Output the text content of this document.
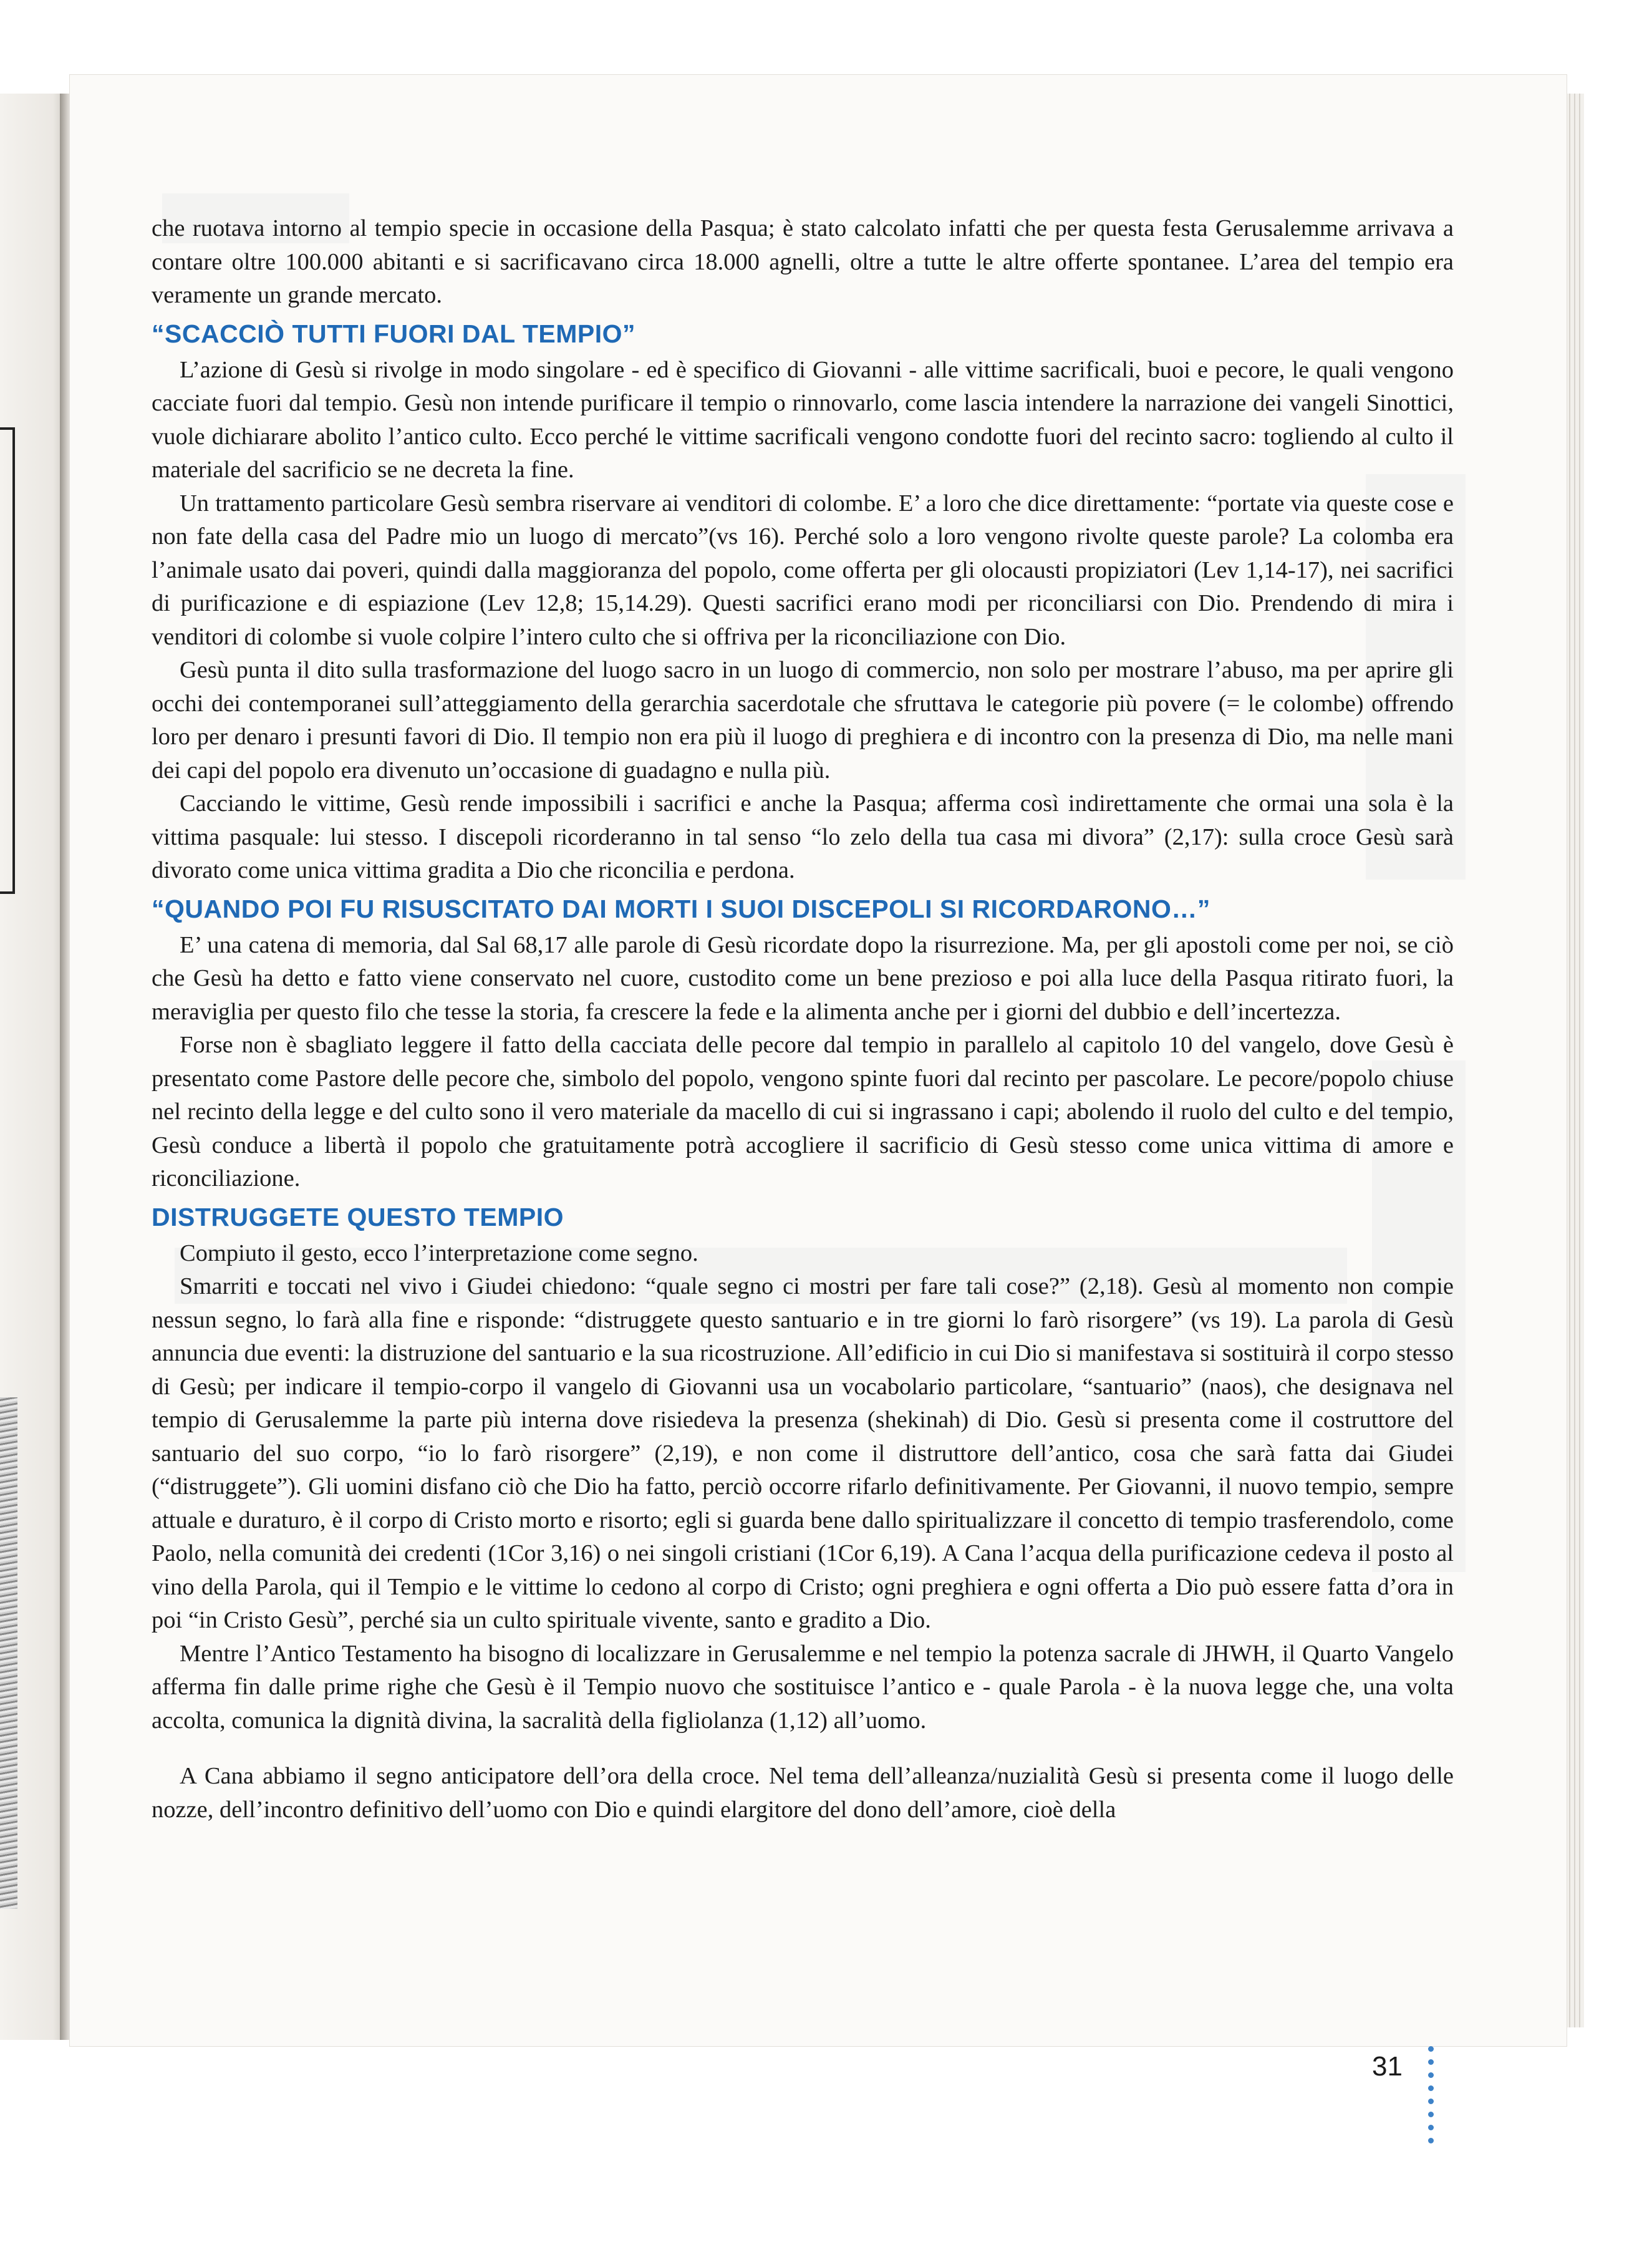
che ruotava intorno al tempio specie in occasione della Pasqua; è stato calcolato infatti che per questa festa Gerusalemme arrivava a contare oltre 100.000 abitanti e si sacrificavano circa 18.000 agnelli, oltre a tutte le altre offerte spontanee. L’area del tempio era veramente un grande mercato.

“SCACCIÒ TUTTI FUORI DAL TEMPIO”

L’azione di Gesù si rivolge in modo singolare - ed è specifico di Giovanni - alle vittime sacrificali, buoi e pecore, le quali vengono cacciate fuori dal tempio. Gesù non intende purificare il tempio o rinnovarlo, come lascia intendere la narrazione dei vangeli Sinottici, vuole dichiarare abolito l’antico culto. Ecco perché le vittime sacrificali vengono condotte fuori del recinto sacro: togliendo al culto il materiale del sacrificio se ne decreta la fine.

Un trattamento particolare Gesù sembra riservare ai venditori di colombe. E’ a loro che dice direttamente: “portate via queste cose e non fate della casa del Padre mio un luogo di mercato”(vs 16). Perché solo a loro vengono rivolte queste parole? La colomba era l’animale usato dai poveri, quindi dalla maggioranza del popolo, come offerta per gli olocausti propiziatori (Lev 1,14-17), nei sacrifici di purificazione e di espiazione (Lev 12,8; 15,14.29). Questi sacrifici erano modi per riconciliarsi con Dio. Prendendo di mira i venditori di colombe si vuole colpire l’intero culto che si offriva per la riconciliazione con Dio.

Gesù punta il dito sulla trasformazione del luogo sacro in un luogo di commercio, non solo per mostrare l’abuso, ma per aprire gli occhi dei contemporanei sull’atteggiamento della gerarchia sacerdotale che sfruttava le categorie più povere (= le colombe) offrendo loro per denaro i presunti favori di Dio. Il tempio non era più il luogo di preghiera e di incontro con la presenza di Dio, ma nelle mani dei capi del popolo era divenuto un’occasione di guadagno e nulla più.

Cacciando le vittime, Gesù rende impossibili i sacrifici e anche la Pasqua; afferma così indirettamente che ormai una sola è la vittima pasquale: lui stesso. I discepoli ricorderanno in tal senso “lo zelo della tua casa mi divora” (2,17): sulla croce Gesù sarà divorato come unica vittima gradita a Dio che riconcilia e perdona.

“QUANDO POI FU RISUSCITATO DAI MORTI I SUOI DISCEPOLI SI RICORDARONO…”

E’ una catena di memoria, dal Sal 68,17 alle parole di Gesù ricordate dopo la risurrezione. Ma, per gli apostoli come per noi, se ciò che Gesù ha detto e fatto viene conservato nel cuore, custodito come un bene prezioso e poi alla luce della Pasqua ritirato fuori, la meraviglia per questo filo che tesse la storia, fa crescere la fede e la alimenta anche per i giorni del dubbio e dell’incertezza.

Forse non è sbagliato leggere il fatto della cacciata delle pecore dal tempio in parallelo al capitolo 10 del vangelo, dove Gesù è presentato come Pastore delle pecore che, simbolo del popolo, vengono spinte fuori dal recinto per pascolare. Le pecore/popolo chiuse nel recinto della legge e del culto sono il vero materiale da macello di cui si ingrassano i capi; abolendo il ruolo del culto e del tempio, Gesù conduce a libertà il popolo che gratuitamente potrà accogliere il sacrificio di Gesù stesso come unica vittima di amore e riconciliazione.

DISTRUGGETE QUESTO TEMPIO

Compiuto il gesto, ecco l’interpretazione come segno.

Smarriti e toccati nel vivo i Giudei chiedono: “quale segno ci mostri per fare tali cose?” (2,18). Gesù al momento non compie nessun segno, lo farà alla fine e risponde: “distruggete questo santuario e in tre giorni lo farò risorgere” (vs 19). La parola di Gesù annuncia due eventi: la distruzione del santuario e la sua ricostruzione. All’edificio in cui Dio si manifestava si sostituirà il corpo stesso di Gesù; per indicare il tempio-corpo il vangelo di Giovanni usa un vocabolario particolare, “santuario” (naos), che designava nel tempio di Gerusalemme la parte più interna dove risiedeva la presenza (shekinah) di Dio. Gesù si presenta come il costruttore del santuario del suo corpo, “io lo farò risorgere” (2,19), e non come il distruttore dell’antico, cosa che sarà fatta dai Giudei (“distruggete”). Gli uomini disfano ciò che Dio ha fatto, perciò occorre rifarlo definitivamente. Per Giovanni, il nuovo tempio, sempre attuale e duraturo, è il corpo di Cristo morto e risorto; egli si guarda bene dallo spiritualizzare il concetto di tempio trasferendolo, come Paolo, nella comunità dei credenti (1Cor 3,16) o nei singoli cristiani (1Cor 6,19). A Cana l’acqua della purificazione cedeva il posto al vino della Parola, qui il Tempio e le vittime lo cedono al corpo di Cristo; ogni preghiera e ogni offerta a Dio può essere fatta d’ora in poi “in Cristo Gesù”, perché sia un culto spirituale vivente, santo e gradito a Dio.

Mentre l’Antico Testamento ha bisogno di localizzare in Gerusalemme e nel tempio la potenza sacrale di JHWH, il Quarto Vangelo afferma fin dalle prime righe che Gesù è il Tempio nuovo che sostituisce l’antico e - quale Parola - è la nuova legge che, una volta accolta, comunica la dignità divina, la sacralità della figliolanza (1,12) all’uomo.

A Cana abbiamo il segno anticipatore dell’ora della croce. Nel tema dell’alleanza/nuzialità Gesù si presenta come il luogo delle nozze, dell’incontro definitivo dell’uomo con Dio e quindi elargitore del dono dell’amore, cioè della

31
